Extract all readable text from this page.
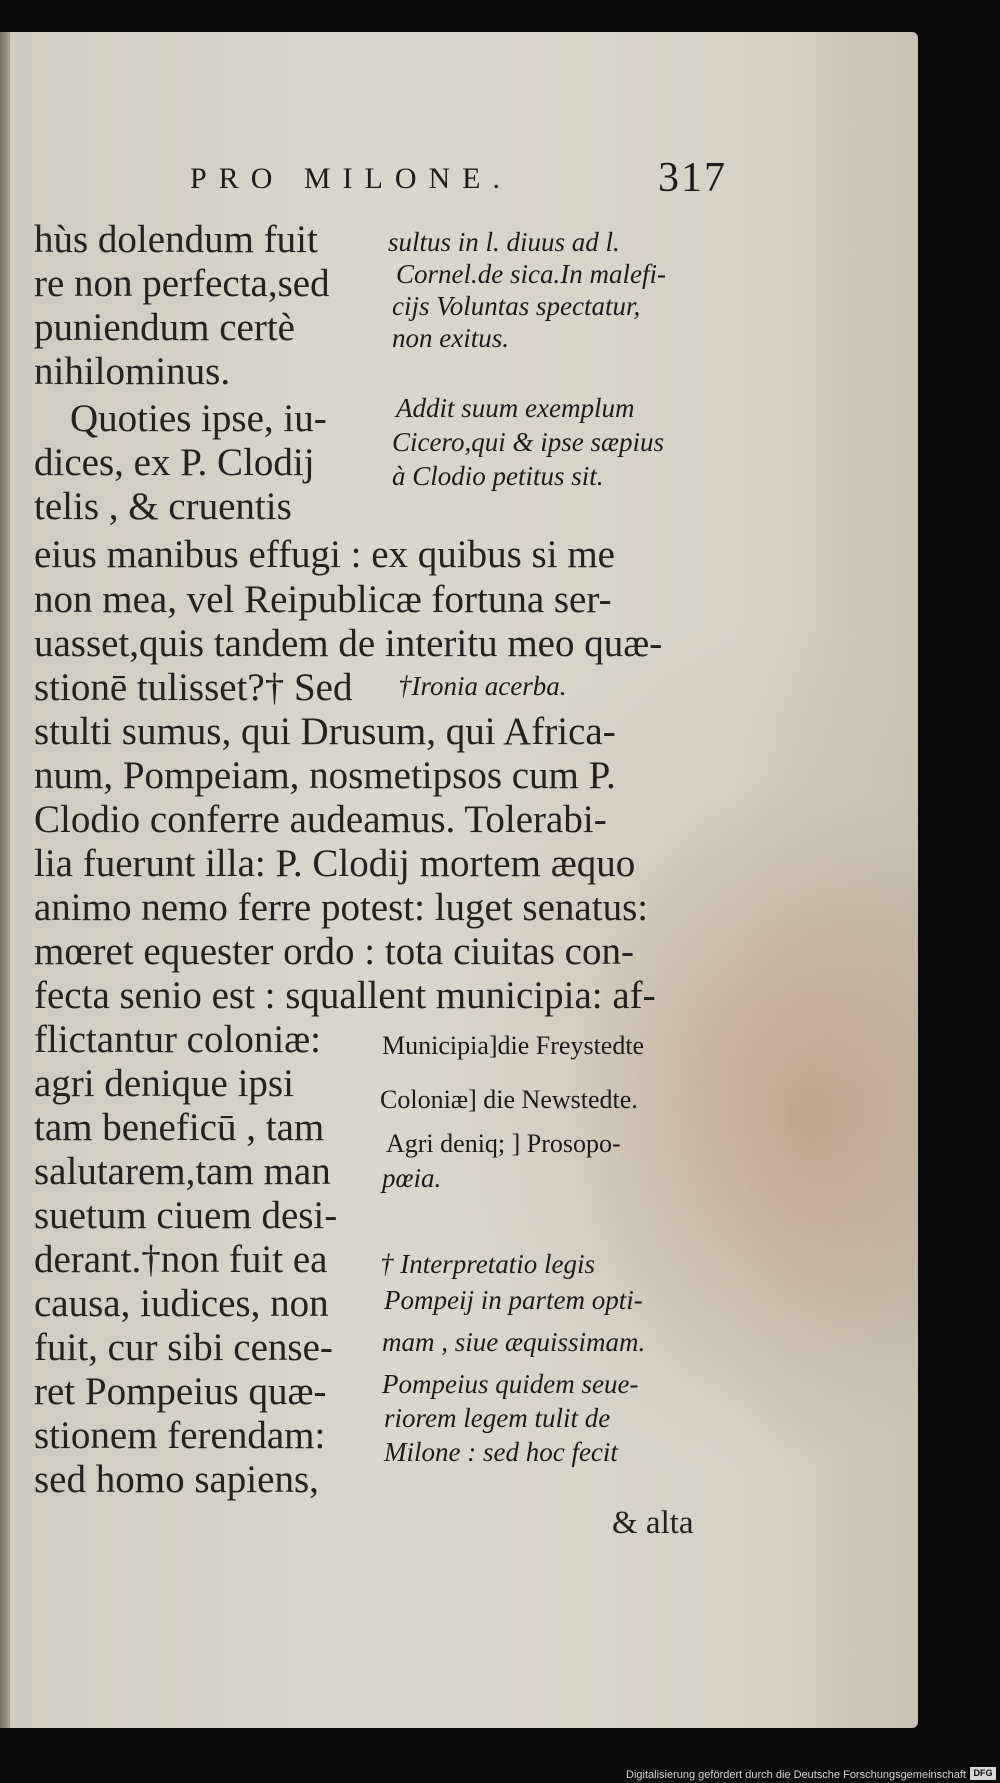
PRO MILONE.	317
hùs dolendum fuit
re non perfecta,sed
puniendum certè
nihilominus.
Quoties ipse, iu-
dices, ex P. Clodij
telis , & cruentis
eius manibus effugi : ex quibus si me
non mea, vel Reipublicæ fortuna ser-
uasset,quis tandem de interitu meo quæ-
stionē tulisset?† Sed
stulti sumus, qui Drusum, qui Africa-
num, Pompeiam, nosmetipsos cum P.
Clodio conferre audeamus. Tolerabi-
lia fuerunt illa: P. Clodij mortem æquo
animo nemo ferre potest: luget senatus:
mœret equester ordo : tota ciuitas con-
fecta senio est : squallent municipia: af-
flictantur coloniæ:
agri denique ipsi
tam beneficū , tam
salutarem,tam man
suetum ciuem desi-
derant.†non fuit ea
causa, iudices, non
fuit, cur sibi cense-
ret Pompeius quæ-
stionem ferendam:
sed homo sapiens,
sultus in l. diuus ad l.
Cornel.de sica.In malefi-
cijs Voluntas spectatur,
non exitus.
Addit suum exemplum
Cicero,qui & ipse sæpius
à Clodio petitus sit.
†Ironia acerba.
Municipia]die Freystedte
Coloniæ] die Newstedte.
Agri deniq; ] Prosopo-
pœia.
† Interpretatio legis
Pompeij in partem opti-
mam , siue æquissimam.
Pompeius quidem seue-
riorem legem tulit de
Milone : sed hoc fecit
& alta
Digitalisierung gefördert durch die Deutsche Forschungsgemeinschaft DFG
